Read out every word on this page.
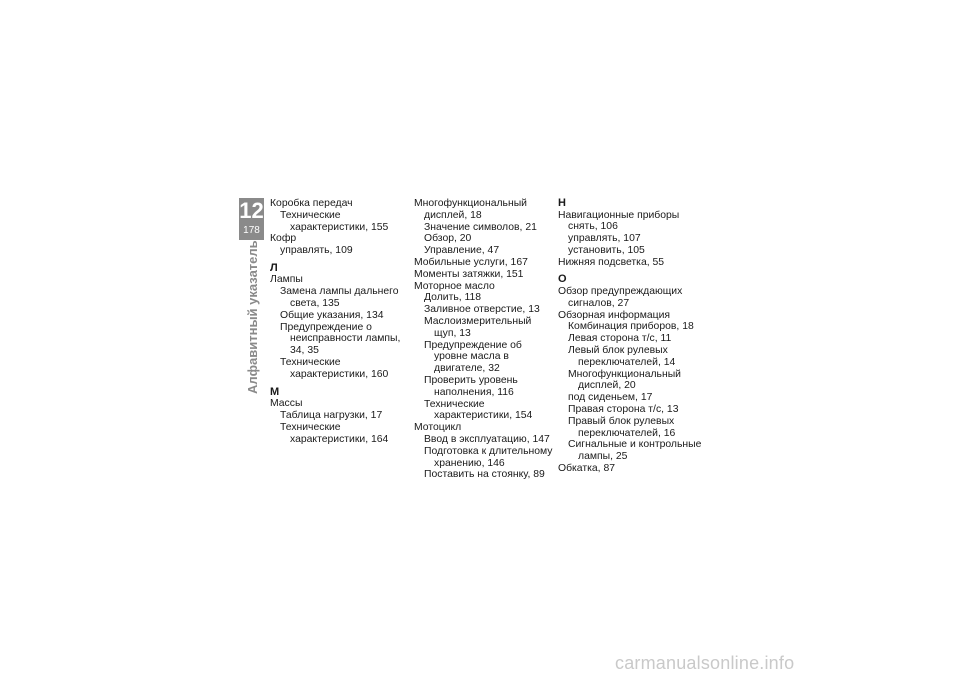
12
178
Алфавитный указатель
Коробка передач
Технические характеристики, 155
Кофр
управлять, 109
Л
Лампы
Замена лампы дальнего света, 135
Общие указания, 134
Предупреждение о неисправности лампы, 34, 35
Технические характеристики, 160
М
Массы
Таблица нагрузки, 17
Технические характеристики, 164
Многофункциональный дисплей, 18
Значение символов, 21
Обзор, 20
Управление, 47
Мобильные услуги, 167
Моменты затяжки, 151
Моторное масло
Долить, 118
Заливное отверстие, 13
Маслоизмерительный щуп, 13
Предупреждение об уровне масла в двигателе, 32
Проверить уровень наполнения, 116
Технические характеристики, 154
Мотоцикл
Ввод в эксплуатацию, 147
Подготовка к длительному хранению, 146
Поставить на стоянку, 89
Н
Навигационные приборы
снять, 106
управлять, 107
установить, 105
Нижняя подсветка, 55
О
Обзор предупреждающих сигналов, 27
Обзорная информация
Комбинация приборов, 18
Левая сторона т/с, 11
Левый блок рулевых переключателей, 14
Многофункциональный дисплей, 20
под сиденьем, 17
Правая сторона т/с, 13
Правый блок рулевых переключателей, 16
Сигнальные и контрольные лампы, 25
Обкатка, 87
carmanualsonline.info
